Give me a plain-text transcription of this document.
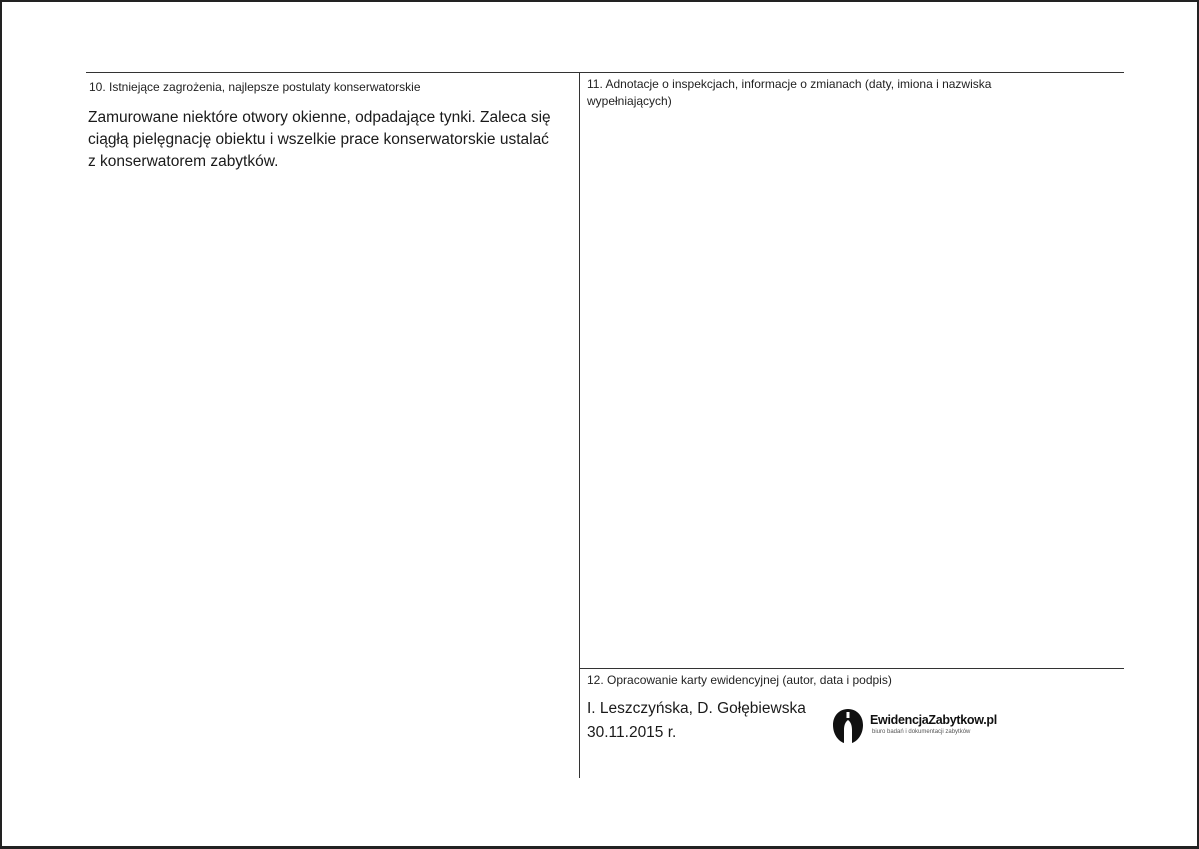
10. Istniejące zagrożenia, najlepsze postulaty konserwatorskie
Zamurowane niektóre otwory okienne, odpadające tynki. Zaleca się
ciągłą pielęgnację obiektu i wszelkie prace konserwatorskie ustalać
z konserwatorem zabytków.
11. Adnotacje o inspekcjach, informacje o zmianach (daty, imiona i nazwiska
wypełniających)
12. Opracowanie karty ewidencyjnej (autor, data i podpis)
I. Leszczyńska, D. Gołębiewska
30.11.2015 r.
EwidencjaZabytkow.pl
biuro badań i dokumentacji zabytków
